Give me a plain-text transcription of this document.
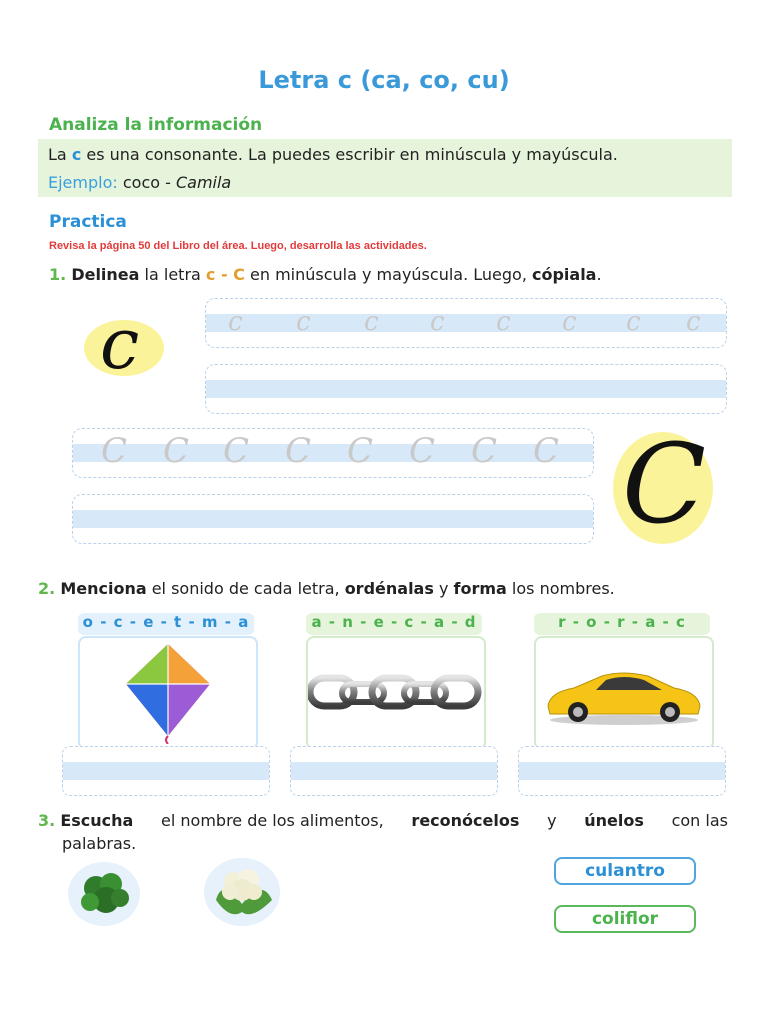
Letra c (ca, co, cu)
Analiza la información
La c es una consonante. La puedes escribir en minúscula y mayúscula.
Ejemplo: coco - Camila
Practica
Revisa la página 50 del Libro del área. Luego, desarrolla las actividades.
1. Delinea la letra c - C en minúscula y mayúscula. Luego, cópiala.
c	c c c c c c c c
C C C C C C C C C
2. Menciona el sonido de cada letra, ordénalas y forma los nombres.
o - c - e - t - m - a	a - n - e - c - a - d	r - o - r - a - c
3. Escucha el nombre de los alimentos, reconócelos y únelos con las
palabras.
culantro
coliflor
